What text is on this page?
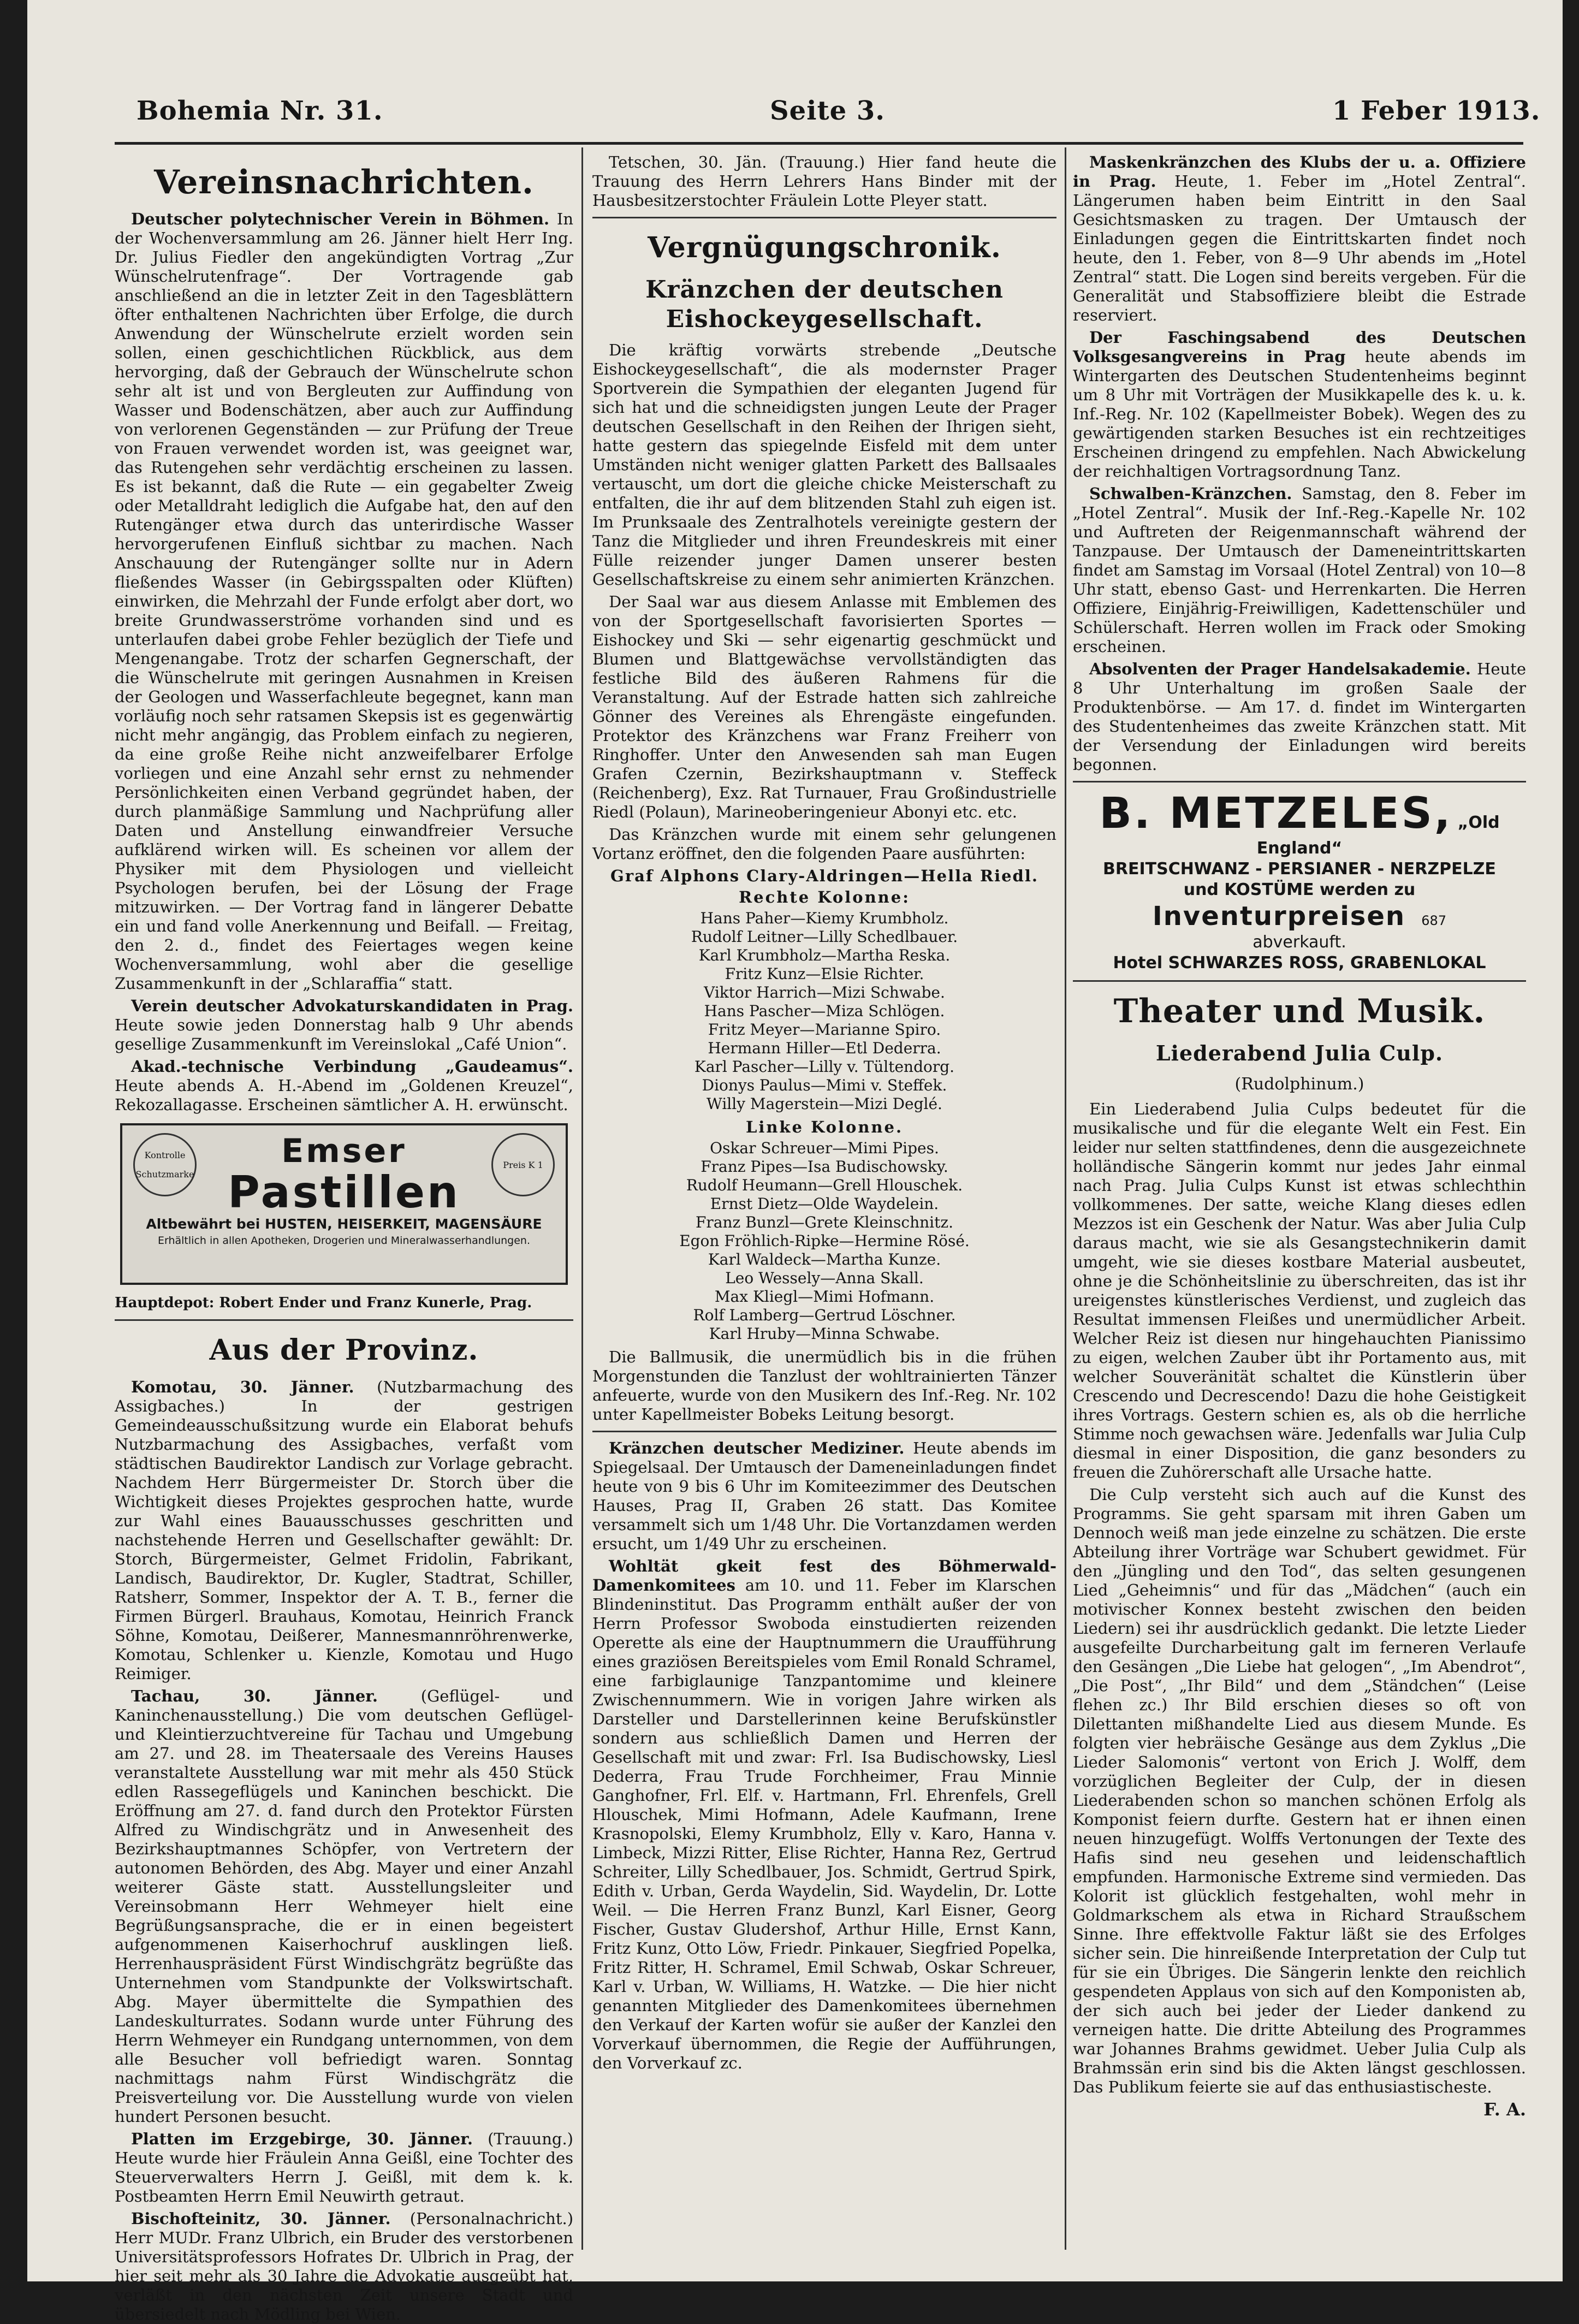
Bohemia Nr. 31.	Seite 3.	1 Feber 1913.
Vereinsnachrichten.

Deutscher polytechnischer Verein in Böhmen. In der Wochenversammlung am 26. Jänner hielt Herr Ing. Dr. Julius Fiedler den angekündigten Vortrag „Zur Wünschelrutenfrage“. Der Vortragende gab anschließend an die in letzter Zeit in den Tagesblättern öfter enthaltenen Nachrichten über Erfolge, die durch Anwendung der Wünschelrute erzielt worden sein sollen, einen geschichtlichen Rückblick, aus dem hervorging, daß der Gebrauch der Wünschelrute schon sehr alt ist und von Bergleuten zur Auffindung von Wasser und Bodenschätzen, aber auch zur Auffindung von verlorenen Gegenständen — zur Prüfung der Treue von Frauen verwendet worden ist, was geeignet war, das Rutengehen sehr verdächtig erscheinen zu lassen. Es ist bekannt, daß die Rute — ein gegabelter Zweig oder Metalldraht lediglich die Aufgabe hat, den auf den Rutengänger etwa durch das unterirdische Wasser hervorgerufenen Einfluß sichtbar zu machen. Nach Anschauung der Rutengänger sollte nur in Adern fließendes Wasser (in Gebirgsspalten oder Klüften) einwirken, die Mehrzahl der Funde erfolgt aber dort, wo breite Grundwasserströme vorhanden sind und es unterlaufen dabei grobe Fehler bezüglich der Tiefe und Mengenangabe. Trotz der scharfen Gegnerschaft, der die Wünschelrute mit geringen Ausnahmen in Kreisen der Geologen und Wasserfachleute begegnet, kann man vorläufig noch sehr ratsamen Skepsis ist es gegenwärtig nicht mehr angängig, das Problem einfach zu negieren, da eine große Reihe nicht anzweifelbarer Erfolge vorliegen und eine Anzahl sehr ernst zu nehmender Persönlichkeiten einen Verband gegründet haben, der durch planmäßige Sammlung und Nachprüfung aller Daten und Anstellung einwandfreier Versuche aufklärend wirken will. Es scheinen vor allem der Physiker mit dem Physiologen und vielleicht Psychologen berufen, bei der Lösung der Frage mitzuwirken. — Der Vortrag fand in längerer Debatte ein und fand volle Anerkennung und Beifall. — Freitag, den 2. d., findet des Feiertages wegen keine Wochenversammlung, wohl aber die gesellige Zusammenkunft in der „Schlaraffia“ statt.

Verein deutscher Advokaturskandidaten in Prag. Heute sowie jeden Donnerstag halb 9 Uhr abends gesellige Zusammenkunft im Vereinslokal „Café Union“.

Akad.-technische Verbindung „Gaudeamus“. Heute abends A. H.-Abend im „Goldenen Kreuzel“, Rekozallagasse. Erscheinen sämtlicher A. H. erwünscht.

Kontrolle Schutzmarke
Preis K 1
Emser
Pastillen
Altbewährt bei HUSTEN, HEISERKEIT, MAGENSÄURE
Erhältlich in allen Apotheken, Drogerien und Mineralwasserhandlungen.

Hauptdepot: Robert Ender und Franz Kunerle, Prag.

Aus der Provinz.

Komotau, 30. Jänner. (Nutzbarmachung des Assigbaches.) In der gestrigen Gemeindeausschußsitzung wurde ein Elaborat behufs Nutzbarmachung des Assigbaches, verfaßt vom städtischen Baudirektor Landisch zur Vorlage gebracht. Nachdem Herr Bürgermeister Dr. Storch über die Wichtigkeit dieses Projektes gesprochen hatte, wurde zur Wahl eines Bauausschusses geschritten und nachstehende Herren und Gesellschafter gewählt: Dr. Storch, Bürgermeister, Gelmet Fridolin, Fabrikant, Landisch, Baudirektor, Dr. Kugler, Stadtrat, Schiller, Ratsherr, Sommer, Inspektor der A. T. B., ferner die Firmen Bürgerl. Brauhaus, Komotau, Heinrich Franck Söhne, Komotau, Deißerer, Mannesmannröhrenwerke, Komotau, Schlenker u. Kienzle, Komotau und Hugo Reimiger.

Tachau, 30. Jänner.	(Geflügel- und Kaninchenausstellung.) Die vom deutschen Geflügel- und Kleintierzuchtvereine für Tachau und Umgebung am 27. und 28. im Theatersaale des Vereins Hauses veranstaltete Ausstellung war mit mehr als 450 Stück edlen Rassegeflügels und Kaninchen beschickt. Die Eröffnung am 27. d. fand durch den Protektor Fürsten Alfred zu Windischgrätz und in Anwesenheit des Bezirkshauptmannes Schöpfer, von Vertretern der autonomen Behörden, des Abg. Mayer und einer Anzahl weiterer Gäste statt. Ausstellungsleiter und Vereinsobmann Herr Wehmeyer hielt eine Begrüßungsansprache, die er in einen begeistert aufgenommenen Kaiserhochruf ausklingen ließ. Herrenhauspräsident Fürst Windischgrätz begrüßte das Unternehmen vom Standpunkte der Volkswirtschaft. Abg. Mayer übermittelte die Sympathien des Landeskulturrates. Sodann wurde unter Führung des Herrn Wehmeyer ein Rundgang unternommen, von dem alle Besucher voll befriedigt waren. Sonntag nachmittags nahm Fürst Windischgrätz die Preisverteilung vor. Die Ausstellung wurde von vielen hundert Personen besucht.

Platten im Erzgebirge, 30. Jänner. (Trauung.) Heute wurde hier Fräulein Anna Geißl, eine Tochter des Steuerverwalters Herrn J. Geißl, mit dem k. k. Postbeamten Herrn Emil Neuwirth getraut.

Bischofteinitz, 30. Jänner. (Personalnachricht.) Herr MUDr. Franz Ulbrich, ein Bruder des verstorbenen Universitätsprofessors Hofrates Dr. Ulbrich in Prag, der hier seit mehr als 30 Jahre die Advokatie ausgeübt hat, verläßt in den nächsten Zeit unsere Stadt und übersiedelt nach Mödling bei Wien.

Tetschen, 30. Jän. (Trauung.) Hier fand heute die Trauung des Herrn Lehrers Hans Binder mit der Hausbesitzerstochter Fräulein Lotte Pleyer statt.

Vergnügungschronik.
Kränzchen der deutschen Eishockeygesellschaft.

Die kräftig vorwärts strebende „Deutsche Eishockeygesellschaft“, die als modernster Prager Sportverein die Sympathien der eleganten Jugend für sich hat und die schneidigsten jungen Leute der Prager deutschen Gesellschaft in den Reihen der Ihrigen sieht, hatte gestern das spiegelnde Eisfeld mit dem unter Umständen nicht weniger glatten Parkett des Ballsaales vertauscht, um dort die gleiche chicke Meisterschaft zu entfalten, die ihr auf dem blitzenden Stahl zuh eigen ist. Im Prunksaale des Zentralhotels vereinigte gestern der Tanz die Mitglieder und ihren Freundeskreis mit einer Fülle reizender junger Damen unserer besten Gesellschaftskreise zu einem sehr animierten Kränzchen.

Der Saal war aus diesem Anlasse mit Emblemen des von der Sportgesellschaft favorisierten Sportes — Eishockey und Ski — sehr eigenartig geschmückt und Blumen und Blattgewächse vervollständigten das festliche Bild des äußeren Rahmens für die Veranstaltung. Auf der Estrade hatten sich zahlreiche Gönner des Vereines als Ehrengäste eingefunden. Protektor des Kränzchens war Franz Freiherr von Ringhoffer. Unter den Anwesenden sah man Eugen Grafen Czernin, Bezirkshauptmann v. Steffeck (Reichenberg), Exz. Rat Turnauer, Frau Großindustrielle Riedl (Polaun), Marineoberingenieur Abonyi etc. etc.

Das Kränzchen wurde mit einem sehr gelungenen Vortanz eröffnet, den die folgenden Paare ausführten:

Graf Alphons Clary-Aldringen—Hella Riedl.
Rechte Kolonne:
Hans Paher—Kiemy Krumbholz.
Rudolf Leitner—Lilly Schedlbauer.
Karl Krumbholz—Martha Reska.
Fritz Kunz—Elsie Richter.
Viktor Harrich—Mizi Schwabe.
Hans Pascher—Miza Schlögen.
Fritz Meyer—Marianne Spiro.
Hermann Hiller—Etl Dederra.
Karl Pascher—Lilly v. Tültendorg.
Dionys Paulus—Mimi v. Steffek.
Willy Magerstein—Mizi Deglé.
Linke Kolonne.
Oskar Schreuer—Mimi Pipes.
Franz Pipes—Isa Budischowsky.
Rudolf Heumann—Grell Hlouschek.
Ernst Dietz—Olde Waydelein.
Franz Bunzl—Grete Kleinschnitz.
Egon Fröhlich-Ripke—Hermine Rösé.
Karl Waldeck—Martha Kunze.
Leo Wessely—Anna Skall.
Max Kliegl—Mimi Hofmann.
Rolf Lamberg—Gertrud Löschner.
Karl Hruby—Minna Schwabe.

Die Ballmusik, die unermüdlich bis in die frühen Morgenstunden die Tanzlust der wohltrainierten Tänzer anfeuerte, wurde von den Musikern des Inf.-Reg. Nr. 102 unter Kapellmeister Bobeks Leitung besorgt.

Kränzchen deutscher Mediziner. Heute abends im Spiegelsaal. Der Umtausch der Dameneinladungen findet heute von 9 bis 6 Uhr im Komiteezimmer des Deutschen Hauses, Prag II, Graben 26 statt. Das Komitee versammelt sich um 1/48 Uhr. Die Vortanzdamen werden ersucht, um 1/49 Uhr zu erscheinen.

Wohltät gkeit fest des Böhmerwald-Damenkomitees am 10. und 11. Feber im Klarschen Blindeninstitut. Das Programm enthält außer der von Herrn Professor Swoboda einstudierten reizenden Operette als eine der Hauptnummern die Uraufführung eines graziösen Bereitspieles vom Emil Ronald Schramel, eine farbiglaunige Tanzpantomime und kleinere Zwischennummern. Wie in vorigen Jahre wirken als Darsteller und Darstellerinnen keine Berufskünstler sondern aus schließlich Damen und Herren der Gesellschaft mit und zwar: Frl. Isa Budischowsky, Liesl Dederra, Frau Trude Forchheimer, Frau Minnie Ganghofner, Frl. Elf. v. Hartmann, Frl. Ehrenfels, Grell Hlouschek, Mimi Hofmann, Adele Kaufmann, Irene Krasnopolski, Elemy Krumbholz, Elly v. Karo, Hanna v. Limbeck, Mizzi Ritter, Elise Richter, Hanna Rez, Gertrud Schreiter, Lilly Schedlbauer, Jos. Schmidt, Gertrud Spirk, Edith v. Urban, Gerda Waydelin, Sid. Waydelin, Dr. Lotte Weil. — Die Herren Franz Bunzl, Karl Eisner, Georg Fischer, Gustav Gludershof, Arthur Hille, Ernst Kann, Fritz Kunz, Otto Löw, Friedr. Pinkauer, Siegfried Popelka, Fritz Ritter, H. Schramel, Emil Schwab, Oskar Schreuer, Karl v. Urban, W. Williams, H. Watzke. — Die hier nicht genannten Mitglieder des Damenkomitees übernehmen den Verkauf der Karten wofür sie außer der Kanzlei den Vorverkauf übernommen, die Regie der Aufführungen, den Vorverkauf zc.

Maskenkränzchen des Klubs der u. a. Offiziere in Prag. Heute, 1. Feber im „Hotel Zentral“. Längerumen haben beim Eintritt in den Saal Gesichtsmasken zu tragen. Der Umtausch der Einladungen gegen die Eintrittskarten findet noch heute, den 1. Feber, von 8—9 Uhr abends im „Hotel Zentral“ statt. Die Logen sind bereits vergeben. Für die Generalität und Stabsoffiziere bleibt die Estrade reserviert.

Der Faschingsabend des Deutschen Volksgesangvereins in Prag heute abends im Wintergarten des Deutschen Studentenheims beginnt um 8 Uhr mit Vorträgen der Musikkapelle des k. u. k. Inf.-Reg. Nr. 102 (Kapellmeister Bobek). Wegen des zu gewärtigenden starken Besuches ist ein rechtzeitiges Erscheinen dringend zu empfehlen. Nach Abwickelung der reichhaltigen Vortragsordnung Tanz.

Schwalben-Kränzchen. Samstag, den 8. Feber im „Hotel Zentral“. Musik der Inf.-Reg.-Kapelle Nr. 102 und Auftreten der Reigenmannschaft während der Tanzpause. Der Umtausch der Dameneintrittskarten findet am Samstag im Vorsaal (Hotel Zentral) von 10—8 Uhr statt, ebenso Gast- und Herrenkarten. Die Herren Offiziere, Einjährig-Freiwilligen, Kadettenschüler und Schülerschaft. Herren wollen im Frack oder Smoking erscheinen.

Absolventen der Prager Handelsakademie. Heute 8 Uhr Unterhaltung im großen Saale der Produktenbörse. — Am 17. d. findet im Wintergarten des Studentenheimes das zweite Kränzchen statt. Mit der Versendung der Einladungen wird bereits begonnen.

B. METZELES, „Old England“
BREITSCHWANZ - PERSIANER - NERZPELZE
und KOSTÜME werden zu
Inventurpreisen 687
abverkauft.
Hotel SCHWARZES ROSS, GRABENLOKAL
Theater und Musik.
Liederabend Julia Culp.
(Rudolphinum.)

Ein Liederabend Julia Culps bedeutet für die musikalische und für die elegante Welt ein Fest. Ein leider nur selten stattfindenes, denn die ausgezeichnete holländische Sängerin kommt nur jedes Jahr einmal nach Prag. Julia Culps Kunst ist etwas schlechthin vollkommenes. Der satte, weiche Klang dieses edlen Mezzos ist ein Geschenk der Natur. Was aber Julia Culp daraus macht, wie sie als Gesangstechnikerin damit umgeht, wie sie dieses kostbare Material ausbeutet, ohne je die Schönheitslinie zu überschreiten, das ist ihr ureigenstes künstlerisches Verdienst, und zugleich das Resultat immensen Fleißes und unermüdlicher Arbeit. Welcher Reiz ist diesen nur hingehauchten Pianissimo zu eigen, welchen Zauber übt ihr Portamento aus, mit welcher Souveränität schaltet die Künstlerin über Crescendo und Decrescendo! Dazu die hohe Geistigkeit ihres Vortrags. Gestern schien es, als ob die herrliche Stimme noch gewachsen wäre. Jedenfalls war Julia Culp diesmal in einer Disposition, die ganz besonders zu freuen die Zuhörerschaft alle Ursache hatte.

Die Culp versteht sich auch auf die Kunst des Programms. Sie geht sparsam mit ihren Gaben um Dennoch weiß man jede einzelne zu schätzen. Die erste Abteilung ihrer Vorträge war Schubert gewidmet. Für den „Jüngling und den Tod“, das selten gesungenen Lied „Geheimnis“ und für das „Mädchen“ (auch ein motivischer Konnex besteht zwischen den beiden Liedern) sei ihr ausdrücklich gedankt. Die letzte Lieder ausgefeilte Durcharbeitung galt im ferneren Verlaufe den Gesängen „Die Liebe hat gelogen“, „Im Abendrot“, „Die Post“, „Ihr Bild“ und dem „Ständchen“ (Leise flehen zc.) Ihr Bild erschien dieses so oft von Dilettanten mißhandelte Lied aus diesem Munde. Es folgten vier hebräische Gesänge aus dem Zyklus „Die Lieder Salomonis“ vertont von Erich J. Wolff, dem vorzüglichen Begleiter der Culp, der in diesen Liederabenden schon so manchen schönen Erfolg als Komponist feiern durfte. Gestern hat er ihnen einen neuen hinzugefügt. Wolffs Vertonungen der Texte des Hafis sind neu gesehen und leidenschaftlich empfunden. Harmonische Extreme sind vermieden. Das Kolorit ist glücklich festgehalten, wohl mehr in Goldmarkschem als etwa in Richard Straußschem Sinne. Ihre effektvolle Faktur läßt sie des Erfolges sicher sein. Die hinreißende Interpretation der Culp tut für sie ein Übriges. Die Sängerin lenkte den reichlich gespendeten Applaus von sich auf den Komponisten ab, der sich auch bei jeder der Lieder dankend zu verneigen hatte. Die dritte Abteilung des Programmes war Johannes Brahms gewidmet. Ueber Julia Culp als Brahmssän erin sind bis die Akten längst geschlossen. Das Publikum feierte sie auf das enthusiastischeste.

F. A.
